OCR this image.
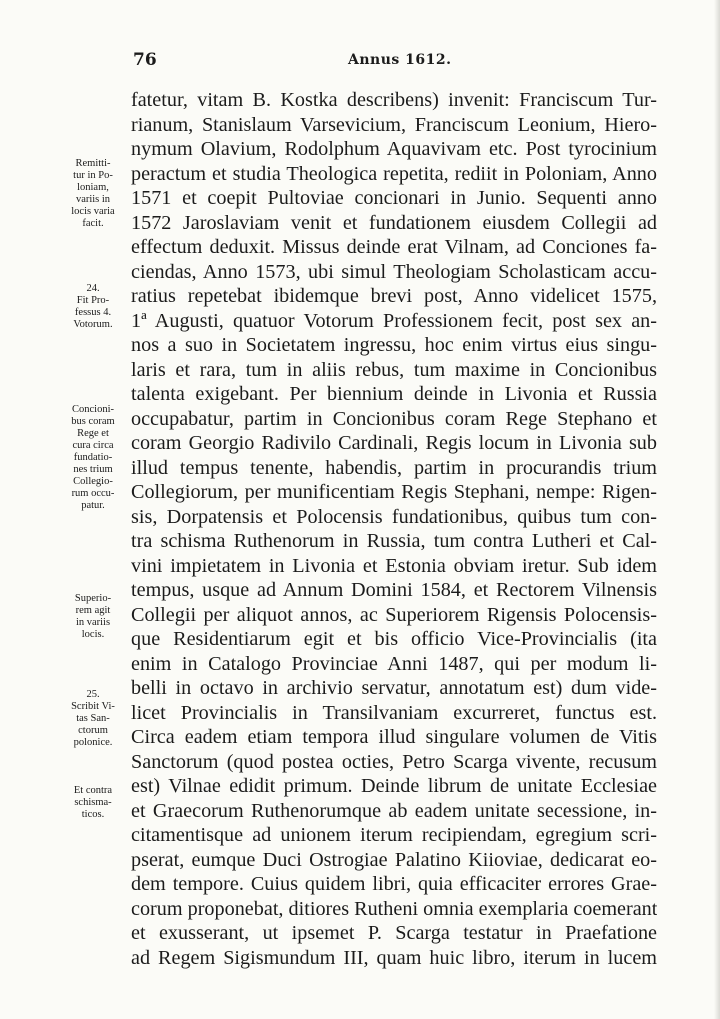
76	Annus 1612.
fatetur, vitam B. Kostka describens) invenit: Franciscum Tur-
rianum, Stanislaum Varsevicium, Franciscum Leonium, Hiero-
nymum Olavium, Rodolphum Aquavivam etc. Post tyrocinium
peractum et studia Theologica repetita, rediit in Poloniam, Anno
1571 et coepit Pultoviae concionari in Junio. Sequenti anno
1572 Jaroslaviam venit et fundationem eiusdem Collegii ad
effectum deduxit. Missus deinde erat Vilnam, ad Conciones fa-
ciendas, Anno 1573, ubi simul Theologiam Scholasticam accu-
ratius repetebat ibidemque brevi post, Anno videlicet 1575,
1ª Augusti, quatuor Votorum Professionem fecit, post sex an-
nos a suo in Societatem ingressu, hoc enim virtus eius singu-
laris et rara, tum in aliis rebus, tum maxime in Concionibus
talenta exigebant. Per biennium deinde in Livonia et Russia
occupabatur, partim in Concionibus coram Rege Stephano et
coram Georgio Radivilo Cardinali, Regis locum in Livonia sub
illud tempus tenente, habendis, partim in procurandis trium
Collegiorum, per munificentiam Regis Stephani, nempe: Rigen-
sis, Dorpatensis et Polocensis fundationibus, quibus tum con-
tra schisma Ruthenorum in Russia, tum contra Lutheri et Cal-
vini impietatem in Livonia et Estonia obviam iretur. Sub idem
tempus, usque ad Annum Domini 1584, et Rectorem Vilnensis
Collegii per aliquot annos, ac Superiorem Rigensis Polocensis-
que Residentiarum egit et bis officio Vice-Provincialis (ita
enim in Catalogo Provinciae Anni 1487, qui per modum li-
belli in octavo in archivio servatur, annotatum est) dum vide-
licet Provincialis in Transilvaniam excurreret, functus est.
Circa eadem etiam tempora illud singulare volumen de Vitis
Sanctorum (quod postea octies, Petro Scarga vivente, recusum
est) Vilnae edidit primum. Deinde librum de unitate Ecclesiae
et Graecorum Ruthenorumque ab eadem unitate secessione, in-
citamentisque ad unionem iterum recipiendam, egregium scri-
pserat, eumque Duci Ostrogiae Palatino Kiioviae, dedicarat eo-
dem tempore. Cuius quidem libri, quia efficaciter errores Grae-
corum proponebat, ditiores Rutheni omnia exemplaria coemerant
et exusserant, ut ipsemet P. Scarga testatur in Praefatione
ad Regem Sigismundum III, quam huic libro, iterum in lucem
Remitti-
tur in Po-
loniam,
variis in
locis varia
facit.
24.
Fit Pro-
fessus 4.
Votorum.
Concioni-
bus coram
Rege et
cura circa
fundatio-
nes trium
Collegio-
rum occu-
patur.
Superio-
rem agit
in variis
locis.
25.
Scribit Vi-
tas San-
ctorum
polonice.
Et contra
schisma-
ticos.
